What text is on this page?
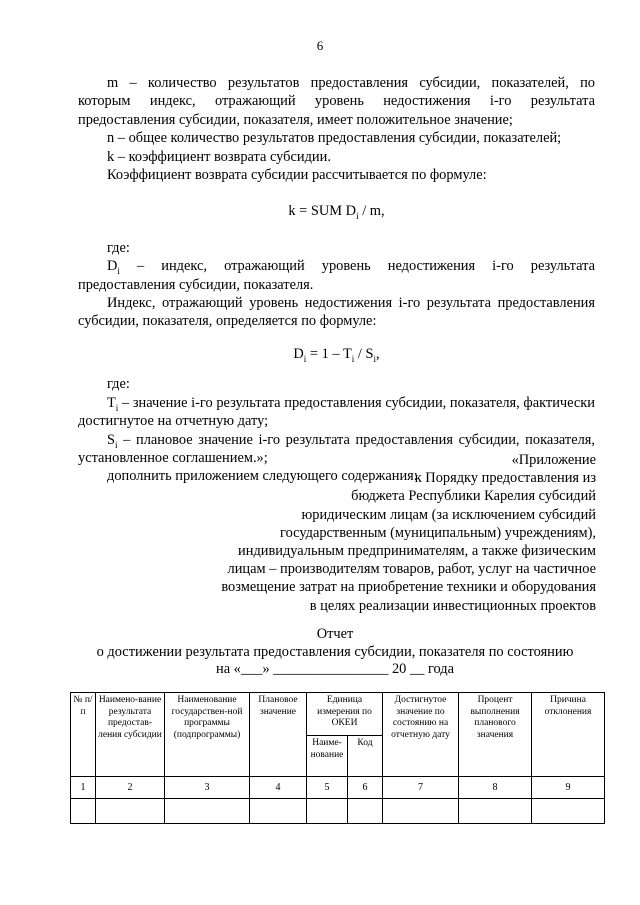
6

m – количество результатов предоставления субсидии, показателей, по которым индекс, отражающий уровень недостижения i-го результата предоставления субсидии, показателя, имеет положительное значение;

n – общее количество результатов предоставления субсидии, показателей;

k – коэффициент возврата субсидии.

Коэффициент возврата субсидии рассчитывается по формуле:

k = SUM $D_i$ / m,

где:

$D_i$ – индекс, отражающий уровень недостижения i-го результата предоставления субсидии, показателя.

Индекс, отражающий уровень недостижения i-го результата предоставления субсидии, показателя, определяется по формуле:

$D_i = 1 - T_i / S_i$,

где:

$T_i$ – значение i-го результата предоставления субсидии, показателя, фактически достигнутое на отчетную дату;

$S_i$ – плановое значение i-го результата предоставления субсидии, показателя, установленное соглашением.»;

дополнить приложением следующего содержания:

«Приложение
к Порядку предоставления из
бюджета Республики Карелия субсидий
юридическим лицам (за исключением субсидий
государственным (муниципальным) учреждениям),
индивидуальным предпринимателям, а также физическим
лицам – производителям товаров, работ, услуг на частичное
возмещение затрат на приобретение техники и оборудования
в целях реализации инвестиционных проектов
Отчет
о достижении результата предоставления субсидии, показателя по состоянию
на «___» ________________ 20 __ года
№ п/п	Наимено-вание результата предостав-ления субсидии	Наименование государствен-ной программы (подпрограммы)	Плановое значение	Единица измерения по ОКЕИ		Достигнутое значение по состоянию на отчетную дату	Процент выполнения планового значения	Причина отклонения
				Наиме-нование	Код			
1	2	3	4	5	6	7	8	9
